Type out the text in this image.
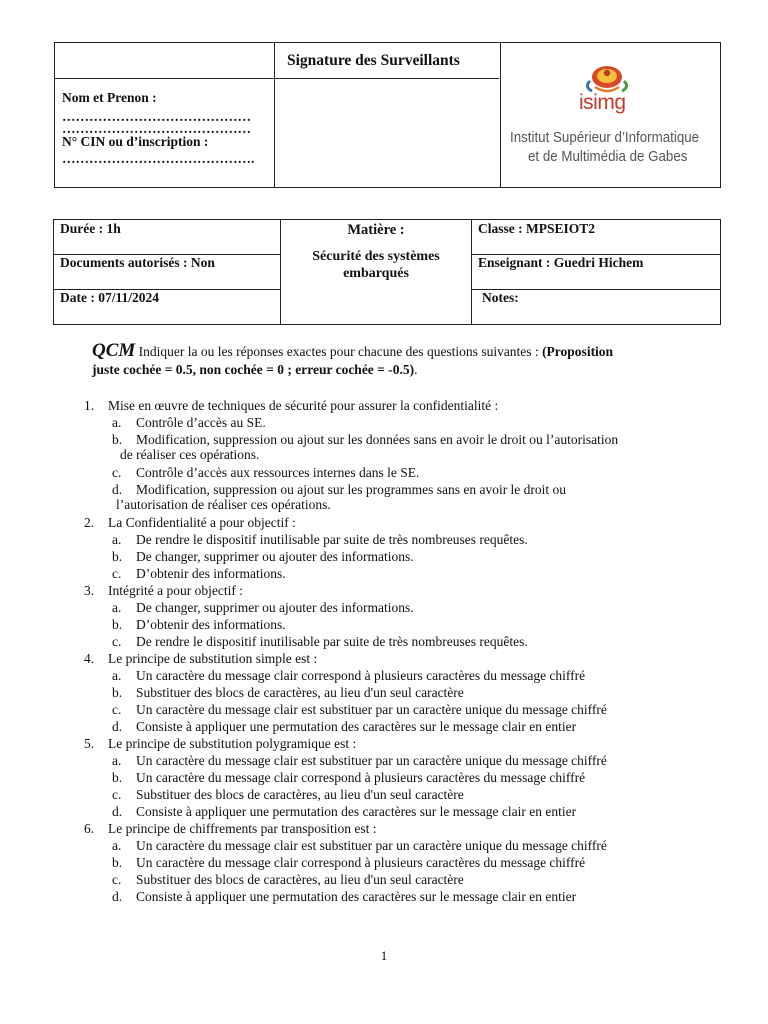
Signature des Surveillants
Nom et Prenon :
……………………………………
……………………………………
N° CIN ou d’inscription :
…………………………………….
isimg
Institut Supérieur d’Informatique
et de Multimédia de Gabes
Durée : 1h
Documents autorisés : Non
Date : 07/11/2024
Matière :
Sécurité des systèmes embarqués
Classe : MPSEIOT2
Enseignant : Guedri Hichem
Notes:
QCM Indiquer la ou les réponses exactes pour chacune des questions suivantes : (Proposition
juste cochée = 0.5, non cochée = 0 ; erreur cochée = -0.5).
1. Mise en œuvre de techniques de sécurité pour assurer la confidentialité :
a. Contrôle d’accès au SE.
b. Modification, suppression ou ajout sur les données sans en avoir le droit ou l’autorisation
de réaliser ces opérations.
c. Contrôle d’accès aux ressources internes dans le SE.
d. Modification, suppression ou ajout sur les programmes sans en avoir le droit ou
l’autorisation de réaliser ces opérations.
2. La Confidentialité a pour objectif :
a. De rendre le dispositif inutilisable par suite de très nombreuses requêtes.
b. De changer, supprimer ou ajouter des informations.
c. D’obtenir des informations.
3. Intégrité a pour objectif :
a. De changer, supprimer ou ajouter des informations.
b. D’obtenir des informations.
c. De rendre le dispositif inutilisable par suite de très nombreuses requêtes.
4. Le principe de substitution simple est :
a. Un caractère du message clair correspond à plusieurs caractères du message chiffré
b. Substituer des blocs de caractères, au lieu d'un seul caractère
c. Un caractère du message clair est substituer par un caractère unique du message chiffré
d. Consiste à appliquer une permutation des caractères sur le message clair en entier
5. Le principe de substitution polygramique est :
a. Un caractère du message clair est substituer par un caractère unique du message chiffré
b. Un caractère du message clair correspond à plusieurs caractères du message chiffré
c. Substituer des blocs de caractères, au lieu d'un seul caractère
d. Consiste à appliquer une permutation des caractères sur le message clair en entier
6. Le principe de chiffrements par transposition est :
a. Un caractère du message clair est substituer par un caractère unique du message chiffré
b. Un caractère du message clair correspond à plusieurs caractères du message chiffré
c. Substituer des blocs de caractères, au lieu d'un seul caractère
d. Consiste à appliquer une permutation des caractères sur le message clair en entier
1
